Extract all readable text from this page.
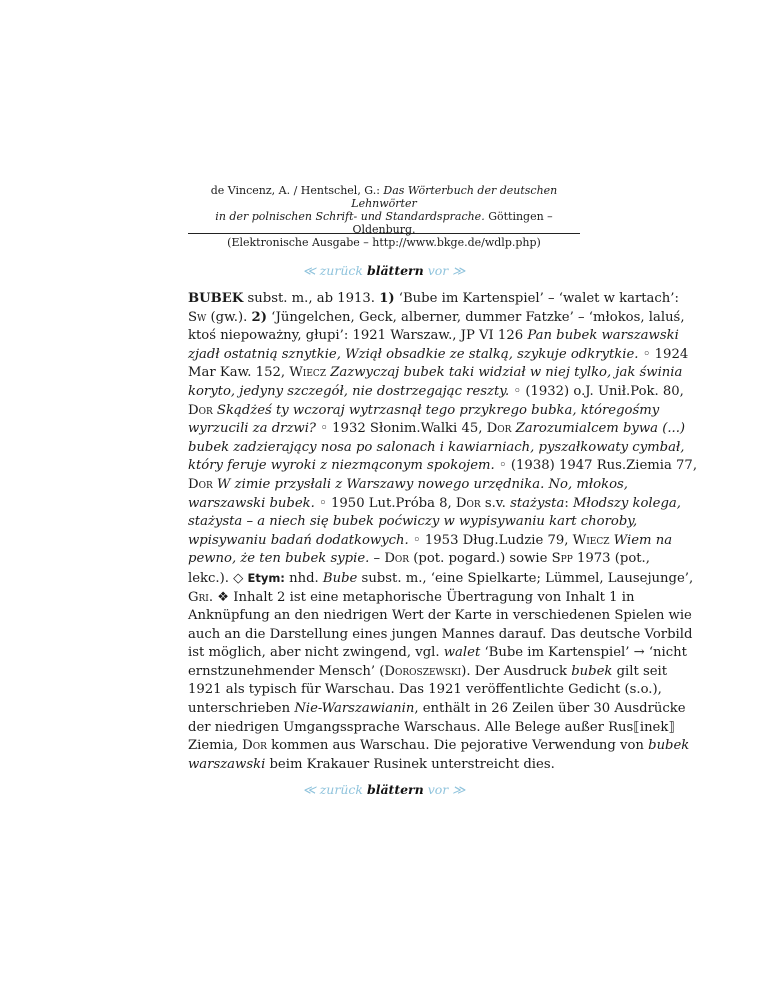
de Vincenz, A. / Hentschel, G.: Das Wörterbuch der deutschen Lehnwörter
in der polnischen Schrift- und Standardsprache. Göttingen – Oldenburg.
(Elektronische Ausgabe – http://www.bkge.de/wdlp.php)
≪ zurück blättern vor ≫
BUBEK subst. m., ab 1913. 1) ‘Bube im Kartenspiel’ – ‘walet w kartach’:
Sw (gw.). 2) ‘Jüngelchen, Geck, alberner, dummer Fatzke’ – ‘młokos, laluś,
ktoś niepoważny, głupi’: 1921 Warszaw., JP VI 126 Pan bubek warszawski
zjadł ostatnią sznytkie, Wziął obsadkie ze stalką, szykuje odkrytkie. ◦ 1924
Mar Kaw. 152, Wiecz Zazwyczaj bubek taki widział w niej tylko, jak świnia
koryto, jedyny szczegół, nie dostrzegając reszty. ◦ (1932) o.J. Unił.Pok. 80,
Dor Skądżeś ty wczoraj wytrzasnął tego przykrego bubka, któregośmy
wyrzucili za drzwi? ◦ 1932 Słonim.Walki 45, Dor Zarozumialcem bywa (...)
bubek zadzierający nosa po salonach i kawiarniach, pyszałkowaty cymbał,
który feruje wyroki z niezmąconym spokojem. ◦ (1938) 1947 Rus.Ziemia 77,
Dor W zimie przysłali z Warszawy nowego urzędnika. No, młokos,
warszawski bubek. ◦ 1950 Lut.Próba 8, Dor s.v. stażysta: Młodszy kolega,
stażysta – a niech się bubek poćwiczy w wypisywaniu kart choroby,
wpisywaniu badań dodatkowych. ◦ 1953 Dług.Ludzie 79, Wiecz Wiem na
pewno, że ten bubek sypie. – Dor (pot. pogard.) sowie Spp 1973 (pot.,
lekc.). ◇ Etym: nhd. Bube subst. m., ‘eine Spielkarte; Lümmel, Lausejunge’,
Gri. ❖ Inhalt 2 ist eine metaphorische Übertragung von Inhalt 1 in
Anknüpfung an den niedrigen Wert der Karte in verschiedenen Spielen wie
auch an die Darstellung eines jungen Mannes darauf. Das deutsche Vorbild
ist möglich, aber nicht zwingend, vgl. walet ‘Bube im Kartenspiel’ → ‘nicht
ernstzunehmender Mensch’ (Doroszewski). Der Ausdruck bubek gilt seit
1921 als typisch für Warschau. Das 1921 veröffentlichte Gedicht (s.o.),
unterschrieben Nie-Warszawianin, enthält in 26 Zeilen über 30 Ausdrücke
der niedrigen Umgangssprache Warschaus. Alle Belege außer Rus⟦inek⟧
Ziemia, Dor kommen aus Warschau. Die pejorative Verwendung von bubek
warszawski beim Krakauer Rusinek unterstreicht dies.
≪ zurück blättern vor ≫
